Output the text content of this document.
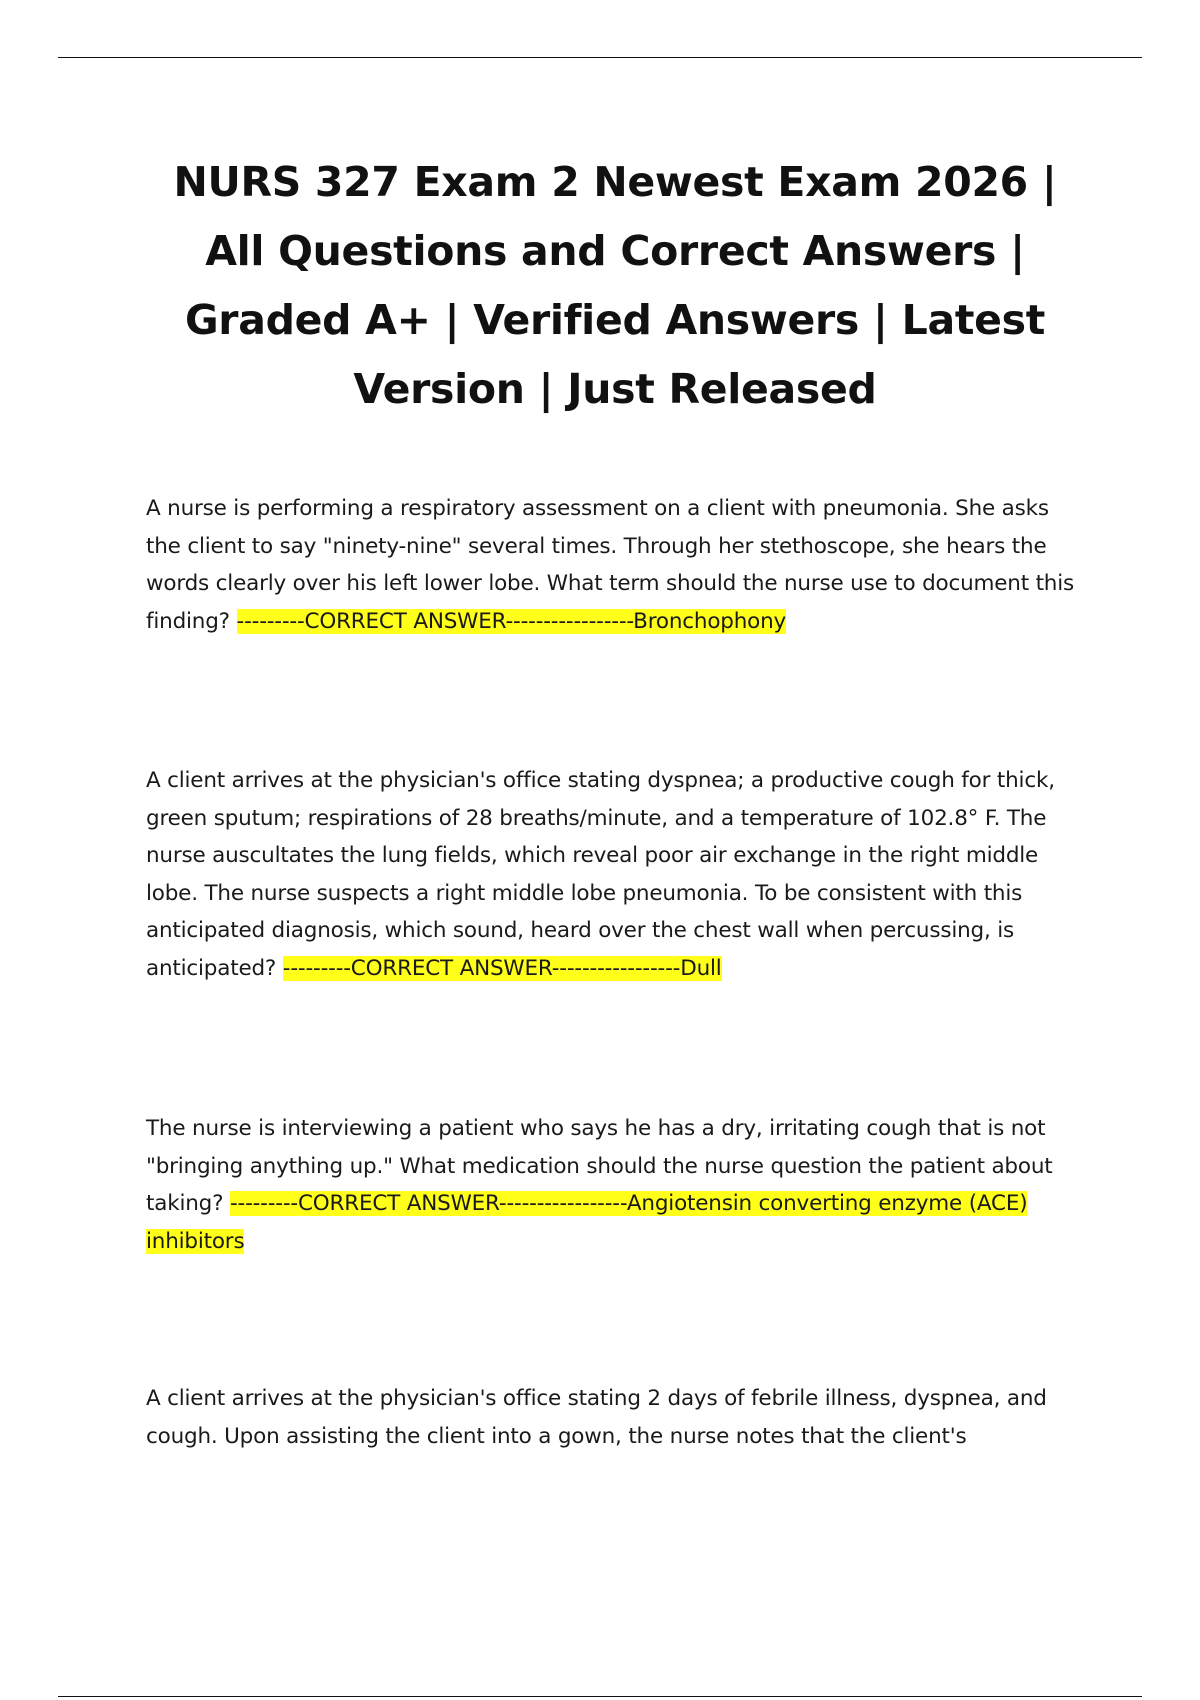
NURS 327 Exam 2 Newest Exam 2026 | All Questions and Correct Answers | Graded A+ | Verified Answers | Latest Version | Just Released

A nurse is performing a respiratory assessment on a client with pneumonia. She asks the client to say "ninety-nine" several times. Through her stethoscope, she hears the words clearly over his left lower lobe. What term should the nurse use to document this finding? ---------CORRECT ANSWER-----------------Bronchophony

A client arrives at the physician's office stating dyspnea; a productive cough for thick, green sputum; respirations of 28 breaths/minute, and a temperature of 102.8° F. The nurse auscultates the lung fields, which reveal poor air exchange in the right middle lobe. The nurse suspects a right middle lobe pneumonia. To be consistent with this anticipated diagnosis, which sound, heard over the chest wall when percussing, is anticipated? ---------CORRECT ANSWER-----------------Dull

The nurse is interviewing a patient who says he has a dry, irritating cough that is not "bringing anything up." What medication should the nurse question the patient about taking? ---------CORRECT ANSWER-----------------Angiotensin converting enzyme (ACE) inhibitors

A client arrives at the physician's office stating 2 days of febrile illness, dyspnea, and cough. Upon assisting the client into a gown, the nurse notes that the client's
